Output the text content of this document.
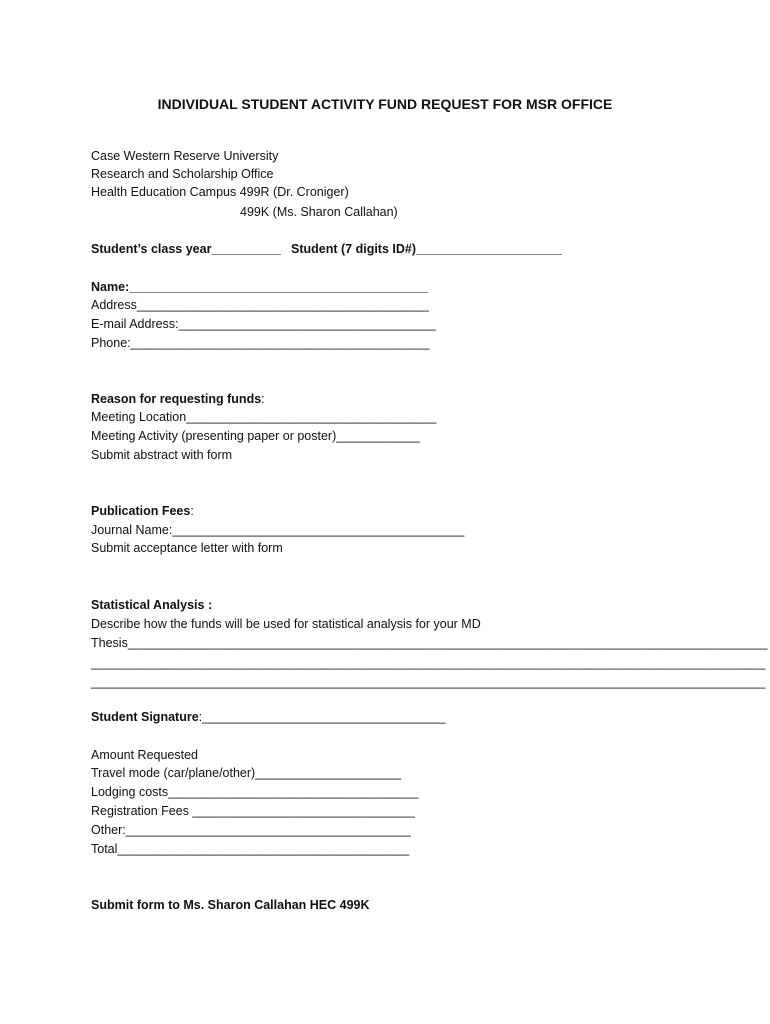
INDIVIDUAL STUDENT ACTIVITY FUND REQUEST FOR MSR OFFICE
Case Western Reserve University
Research and Scholarship Office
Health Education Campus 499R (Dr. Croniger)
499K (Ms. Sharon Callahan)
Student’s class year__________ Student (7 digits ID#)_____________________
Name:___________________________________________
Address__________________________________________
E-mail Address:_____________________________________
Phone:___________________________________________
Reason for requesting funds:
Meeting Location____________________________________
Meeting Activity (presenting paper or poster)____________
Submit abstract with form
Publication Fees:
Journal Name:__________________________________________
Submit acceptance letter with form
Statistical Analysis :
Describe how the funds will be used for statistical analysis for your MD
Thesis____________________________________________________________________________________________
_________________________________________________________________________________________________
_________________________________________________________________________________________________
Student Signature:___________________________________
Amount Requested
Travel mode (car/plane/other)_____________________
Lodging costs____________________________________
Registration Fees ________________________________
Other:_________________________________________
Total__________________________________________
Submit form to Ms. Sharon Callahan HEC 499K
